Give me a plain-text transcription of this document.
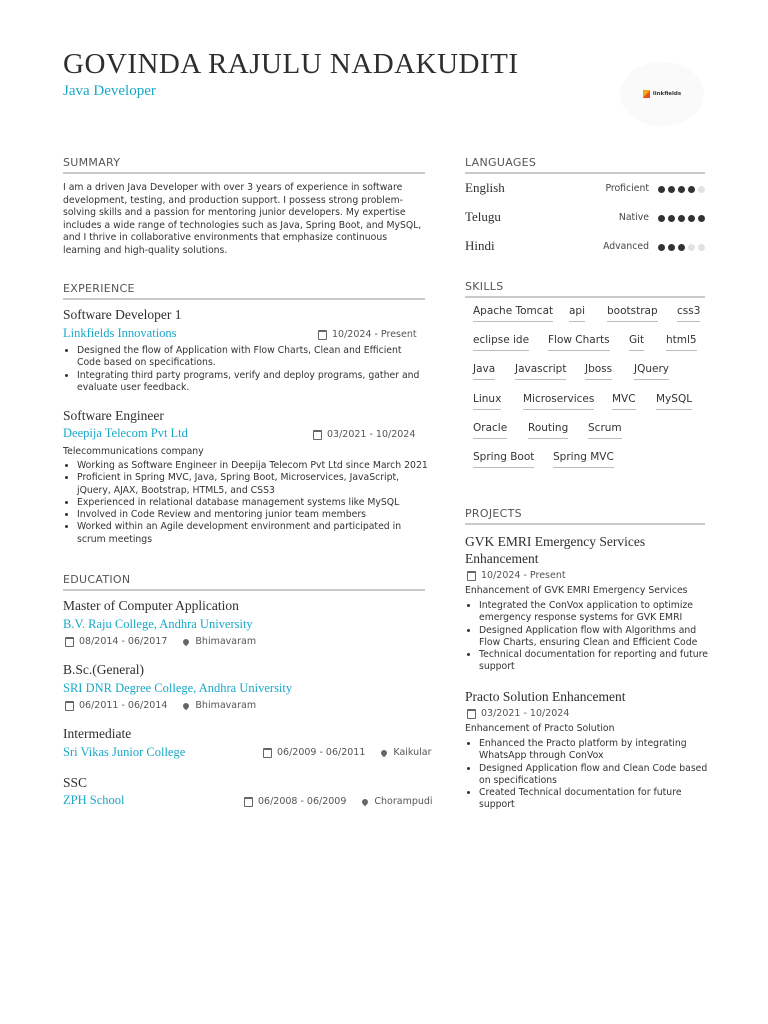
GOVINDA RAJULU NADAKUDITI
Java Developer	linkfields
SUMMARY
I am a driven Java Developer with over 3 years of experience in software development, testing, and production support. I possess strong problem-solving skills and a passion for mentoring junior developers. My expertise includes a wide range of technologies such as Java, Spring Boot, and MySQL, and I thrive in collaborative environments that emphasize continuous learning and high-quality solutions.
EXPERIENCE
Software Developer 1
Linkfields Innovations	10/2024 - Present
• Designed the flow of Application with Flow Charts, Clean and Efficient Code based on specifications.
• Integrating third party programs, verify and deploy programs, gather and evaluate user feedback.
Software Engineer
Deepija Telecom Pvt Ltd	03/2021 - 10/2024
Telecommunications company
• Working as Software Engineer in Deepija Telecom Pvt Ltd since March 2021
• Proficient in Spring MVC, Java, Spring Boot, Microservices, JavaScript, jQuery, AJAX, Bootstrap, HTML5, and CSS3
• Experienced in relational database management systems like MySQL
• Involved in Code Review and mentoring junior team members
• Worked within an Agile development environment and participated in scrum meetings
EDUCATION
Master of Computer Application
B.V. Raju College, Andhra University
08/2014 - 06/2017	Bhimavaram
B.Sc.(General)
SRI DNR Degree College, Andhra University
06/2011 - 06/2014	Bhimavaram
Intermediate
Sri Vikas Junior College	06/2009 - 06/2011	Kaikular
SSC
ZPH School	06/2008 - 06/2009	Chorampudi
LANGUAGES
English	Proficient
Telugu	Native
Hindi	Advanced
SKILLS
Apache Tomcat api bootstrap css3
eclipse ide Flow Charts Git html5
Java Javascript Jboss JQuery
Linux Microservices MVC MySQL
Oracle Routing Scrum
Spring Boot Spring MVC
PROJECTS
GVK EMRI Emergency Services Enhancement
10/2024 - Present
Enhancement of GVK EMRI Emergency Services
• Integrated the ConVox application to optimize emergency response systems for GVK EMRI
• Designed Application flow with Algorithms and Flow Charts, ensuring Clean and Efficient Code
• Technical documentation for reporting and future support
Practo Solution Enhancement
03/2021 - 10/2024
Enhancement of Practo Solution
• Enhanced the Practo platform by integrating WhatsApp through ConVox
• Designed Application flow and Clean Code based on specifications
• Created Technical documentation for future support
